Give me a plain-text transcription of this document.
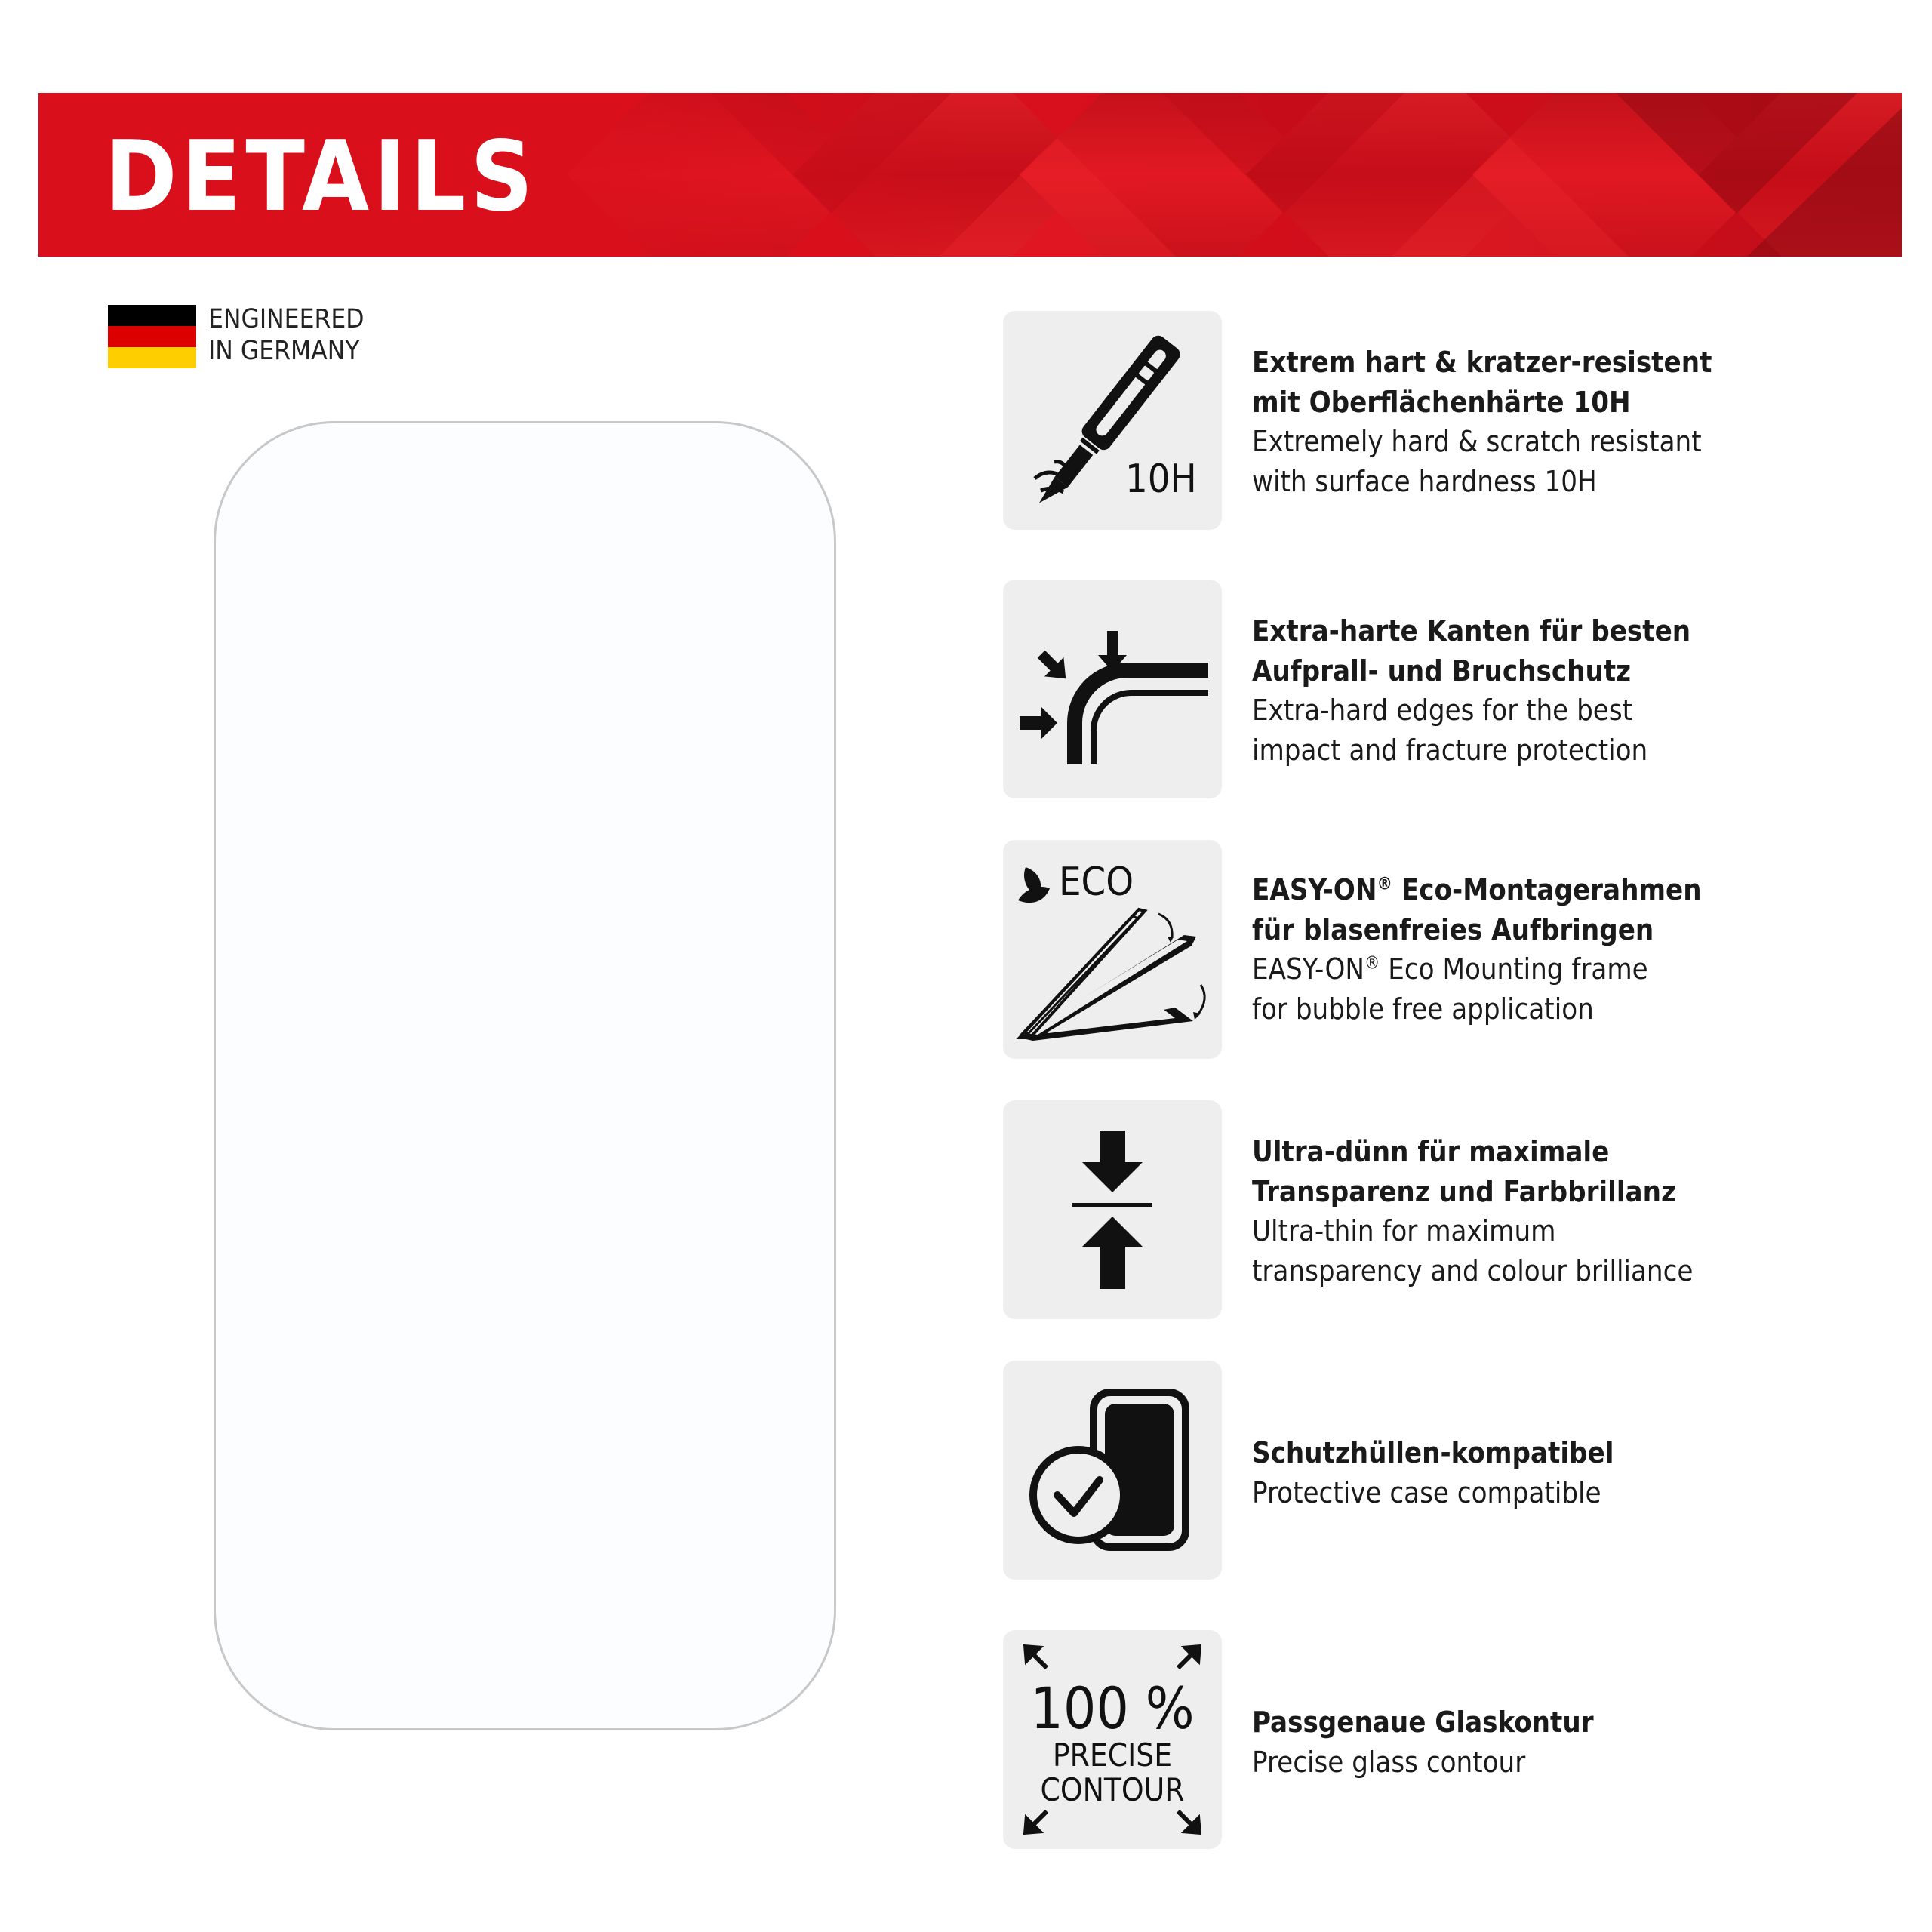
DETAILS
ENGINEERED
IN GERMANY
10H
Extrem hart & kratzer-resistent
mit Oberflächenhärte 10H
Extremely hard & scratch resistant
with surface hardness 10H
Extra-harte Kanten für besten
Aufprall- und Bruchschutz
Extra-hard edges for the best
impact and fracture protection
ECO	EASY-ON® Eco-Montagerahmen
für blasenfreies Aufbringen
EASY-ON® Eco Mounting frame
for bubble free application
Ultra-dünn für maximale
Transparenz und Farbbrillanz
Ultra-thin for maximum
transparency and colour brilliance
Schutzhüllen-kompatibel
Protective case compatible
100 %
PRECISE
CONTOUR
Passgenaue Glaskontur
Precise glass contour
